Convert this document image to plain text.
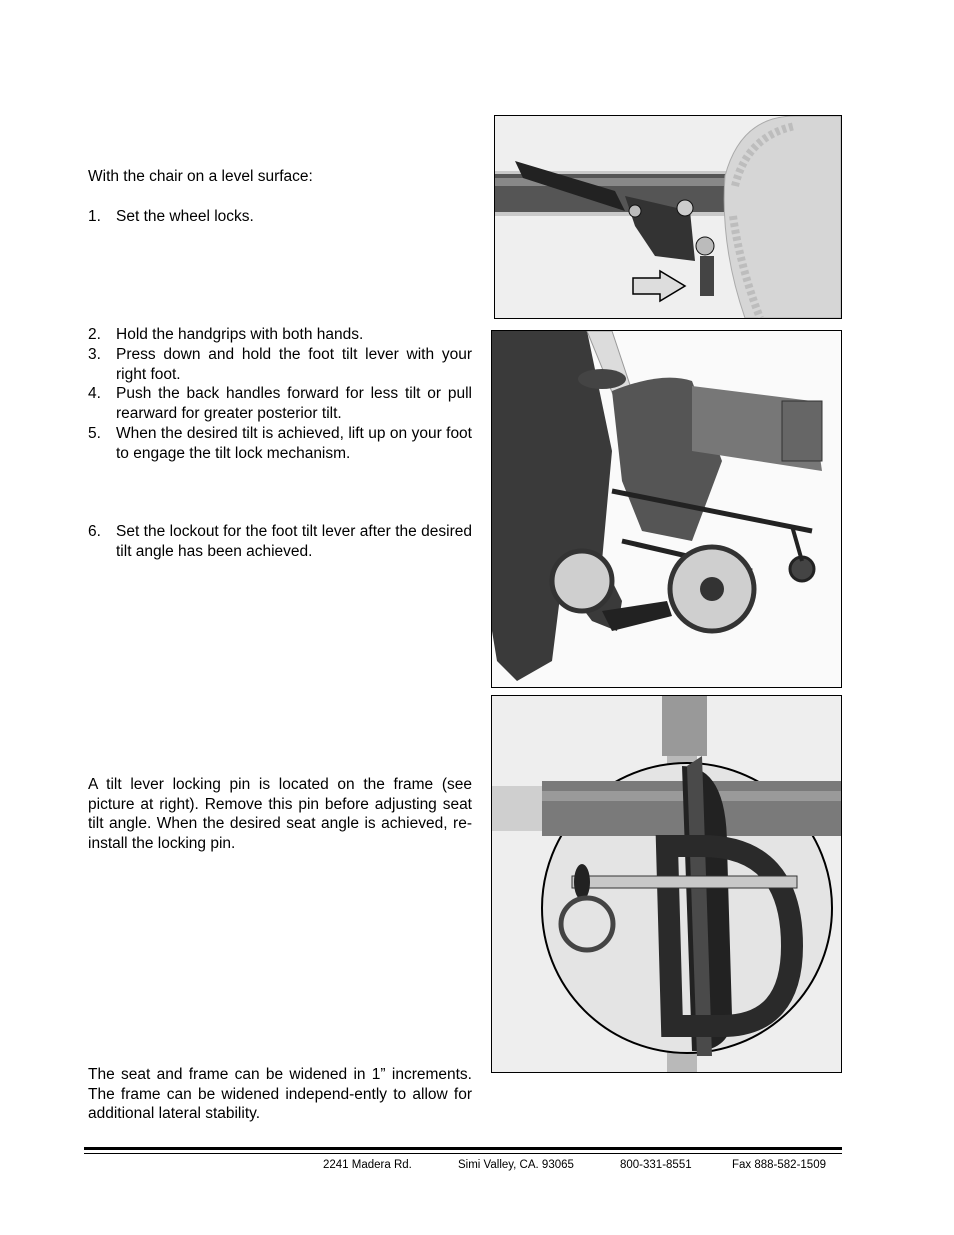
With the chair on a level surface:
1. Set the wheel locks.
2. Hold the handgrips with both hands.
3. Press down and hold the foot tilt lever with your right foot.
4. Push the back handles forward for less tilt or pull rearward for greater posterior tilt.
5. When the desired tilt is achieved, lift up on your foot to engage the tilt lock mechanism.
6. Set the lockout for the foot tilt lever after the desired tilt angle has been achieved.
A tilt lever locking pin is located on the frame (see picture at right). Remove this pin before adjusting seat tilt angle. When the desired seat angle is achieved, re-install the locking pin.
The seat and frame can be widened in 1” increments. The frame can be widened independ-ently to allow for additional lateral stability.
2241 Madera Rd.	Simi Valley, CA. 93065	800-331-8551	Fax 888-582-1509
